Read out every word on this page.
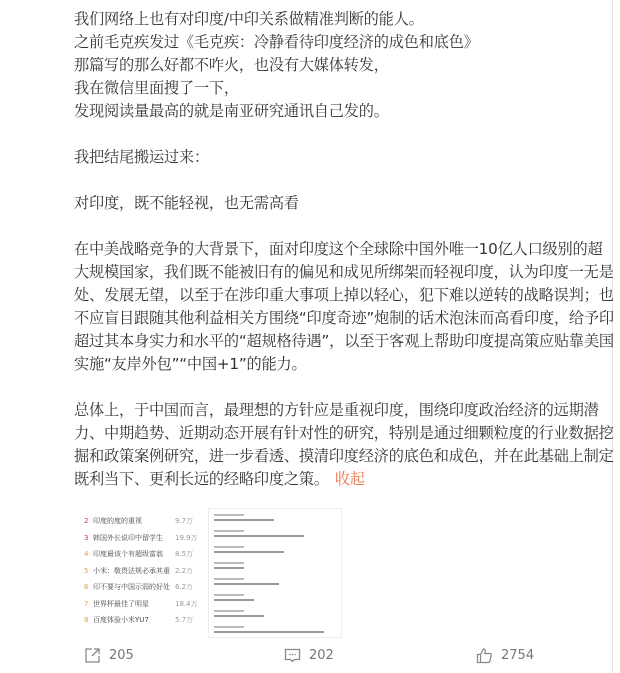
我们网络上也有对印度/中印关系做精准判断的能人。

之前毛克疾发过《毛克疾：冷静看待印度经济的成色和底色》

那篇写的那么好都不咋火，也没有大媒体转发，

我在微信里面搜了一下，

发现阅读量最高的就是南亚研究通讯自己发的。

我把结尾搬运过来：

对印度，既不能轻视，也无需高看

在中美战略竞争的大背景下，面对印度这个全球除中国外唯一10亿人口级别的超大规模国家，我们既不能被旧有的偏见和成见所绑架而轻视印度，认为印度一无是处、发展无望，以至于在涉印重大事项上掉以轻心，犯下难以逆转的战略误判；也不应盲目跟随其他利益相关方围绕“印度奇迹”炮制的话术泡沫而高看印度，给予印超过其本身实力和水平的“超规格待遇”，以至于客观上帮助印度提高策应贴靠美国实施“友岸外包”“中国+1”的能力。

总体上，于中国而言，最理想的方针应是重视印度，围绕印度政治经济的远期潜力、中期趋势、近期动态开展有针对性的研究，特别是通过细颗粒度的行业数据挖掘和政策案例研究，进一步看透、摸清印度经济的底色和成色，并在此基础上制定既利当下、更利长远的经略印度之策。 收起

2 印度的度的重视	9.7万
3 韩国外长说印中留学生	19.9万
4 印度最该个有超级富翁	8.5万
5 小米：敬畏法规必承其重 2.2万
6 印不要与中国示弱的好处 6.2万
7 世界杯最佳了明星	18.4万
8 百度体验小米YU7	5.7万
205	202	2754
